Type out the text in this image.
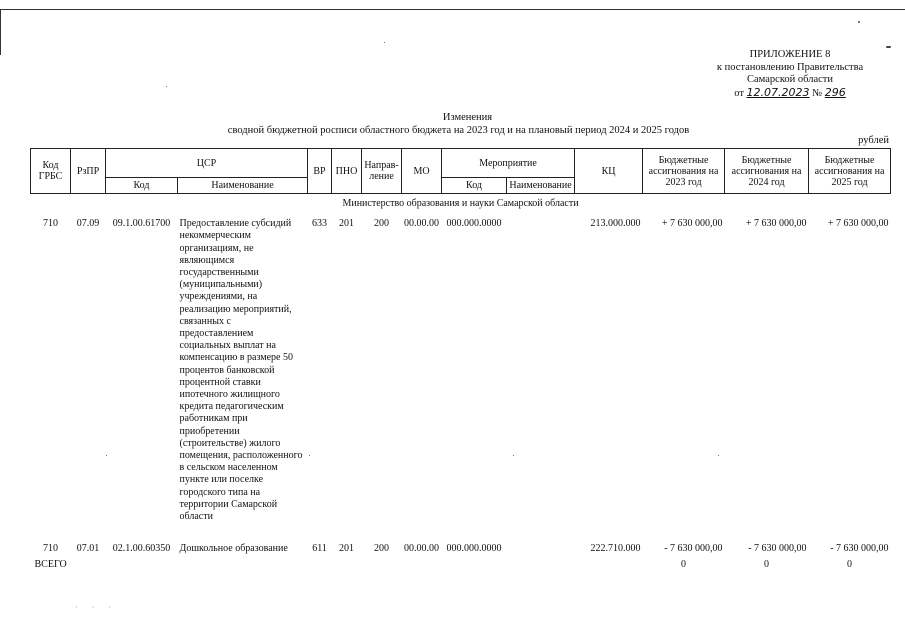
ПРИЛОЖЕНИЕ 8
к постановлению Правительства
Самарской области
от 12.07.2023 № 296
Изменения
сводной бюджетной росписи областного бюджета на 2023 год и на плановый период 2024 и 2025 годов
рублей
Код ГРБС	РзПР	ЦСР		ВР	ПНО	Направ-ление	МО	Мероприятие		КЦ	Бюджетные ассигнования на 2023 год	Бюджетные ассигнования на 2024 год	Бюджетные ассигнования на 2025 год
		Код	Наименование					Код	Наименование				
Министерство образования и науки Самарской области													
710	07.09	09.1.00.61700	Предоставление субсидий некоммерческим организациям, не являющимся государственными (муниципальными) учреждениями, на реализацию мероприятий, связанных с предоставлением социальных выплат на компенсацию в размере 50 процентов банковской процентной ставки ипотечного жилищного кредита педагогическим работникам при приобретении (строительстве) жилого помещения, расположенного в сельском населенном пункте или поселке городского типа на территории Самарской области	633	201	200	00.00.00	000.000.0000		213.000.000	+ 7 630 000,00	+ 7 630 000,00	+ 7 630 000,00

710	07.01	02.1.00.60350	Дошкольное образование	611	201	200	00.00.00	000.000.0000		222.710.000	- 7 630 000,00	- 7 630 000,00	- 7 630 000,00
ВСЕГО											0	0	0
· · ·
